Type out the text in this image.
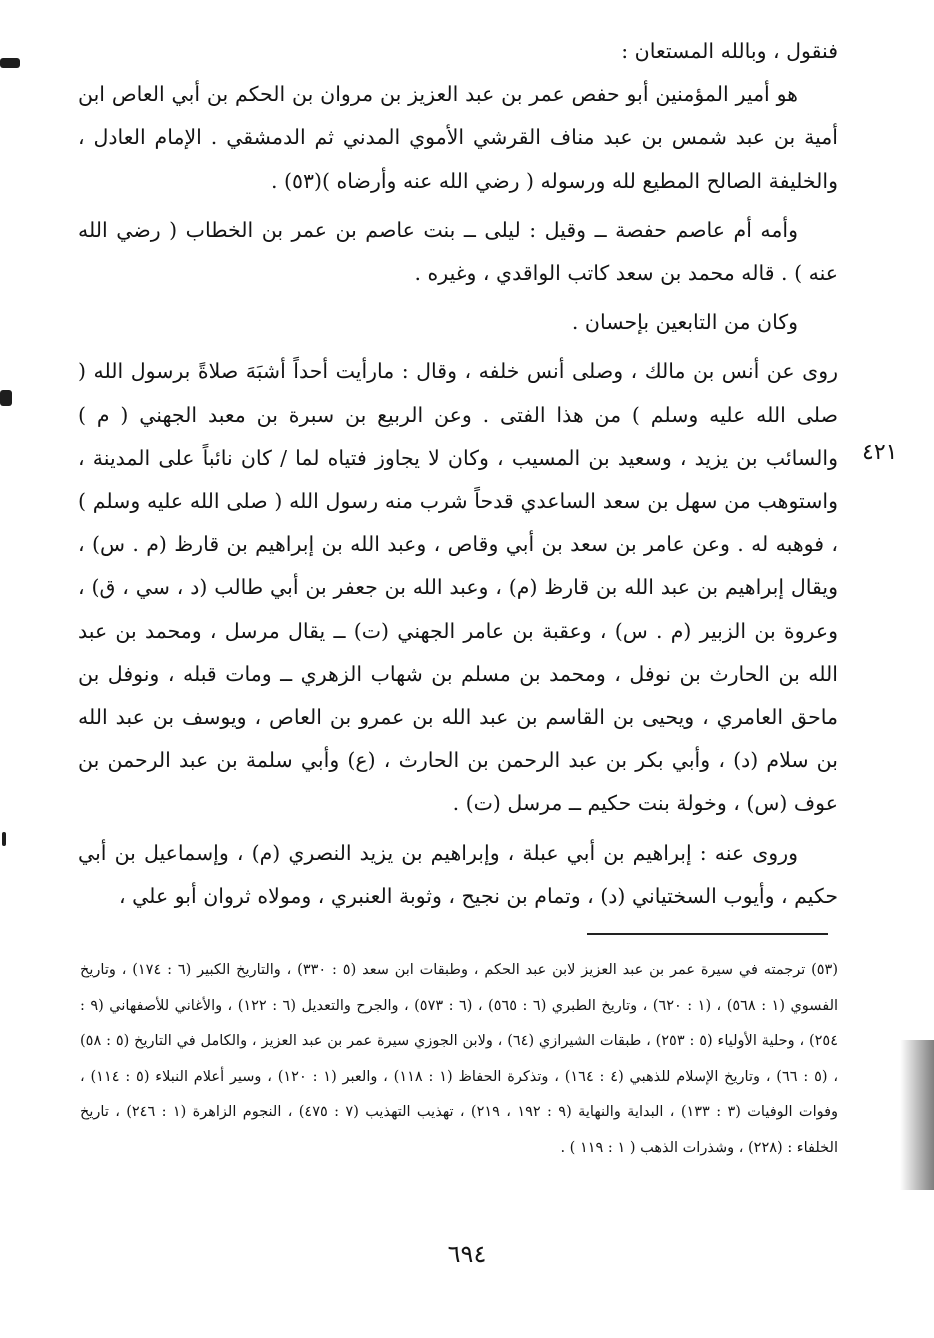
٤٢١

فنقول ، وبالله المستعان :

هو أمير المؤمنين أبو حفص عمر بن عبد العزيز بن مروان بن الحكم بن أبي العاص ابن أمية بن عبد شمس بن عبد مناف القرشي الأموي المدني ثم الدمشقي . الإمام العادل ، والخليفة الصالح المطيع لله ورسوله ( رضي الله عنه وأرضاه )(٥٣) .

وأمه أم عاصم حفصة ــ وقيل : ليلى ــ بنت عاصم بن عمر بن الخطاب ( رضي الله عنه ) . قاله محمد بن سعد كاتب الواقدي ، وغيره .

وكان من التابعين بإحسان .

روى عن أنس بن مالك ، وصلى أنس خلفه ، وقال : مارأيت أحداً أشبَهَ صلاةً برسول الله ( صلى الله عليه وسلم ) من هذا الفتى . وعن الربيع بن سبرة بن معبد الجهني ( م ) والسائب بن يزيد ، وسعيد بن المسيب ، وكان لا يجاوز فتياه لما / كان نائباً على المدينة ، واستوهب من سهل بن سعد الساعدي قدحاً شرب منه رسول الله ( صلى الله عليه وسلم ) ، فوهبه له . وعن عامر بن سعد بن أبي وقاص ، وعبد الله بن إبراهيم بن قارظ (م . س) ، ويقال إبراهيم بن عبد الله بن قارظ (م) ، وعبد الله بن جعفر بن أبي طالب (د ، سي ، ق) ، وعروة بن الزبير (م . س) ، وعقبة بن عامر الجهني (ت) ــ يقال مرسل ، ومحمد بن عبد الله بن الحارث بن نوفل ، ومحمد بن مسلم بن شهاب الزهري ــ ومات قبله ، ونوفل بن ماحق العامري ، ويحيى بن القاسم بن عبد الله بن عمرو بن العاص ، ويوسف بن عبد الله بن سلام (د) ، وأبي بكر بن عبد الرحمن بن الحارث ، (ع) وأبي سلمة بن عبد الرحمن بن عوف (س) ، وخولة بنت حكيم ــ مرسل (ت) .

وروى عنه : إبراهيم بن أبي عبلة ، وإبراهيم بن يزيد النصري (م) ، وإسماعيل بن أبي حكيم ، وأيوب السختياني (د) ، وتمام بن نجيح ، وثوبة العنبري ، ومولاه ثروان أبو علي ،

(٥٣) ترجمته في سيرة عمر بن عبد العزيز لابن عبد الحكم ، وطبقات ابن سعد (٥ : ٣٣٠) ، والتاريخ الكبير (٦ : ١٧٤) ، وتاريخ الفسوي (١ : ٥٦٨) ، (١ : ٦٢٠) ، وتاريخ الطبري (٦ : ٥٦٥) ، (٦ : ٥٧٣) ، والجرح والتعديل (٦ : ١٢٢) ، والأغاني للأصفهاني (٩ : ٢٥٤) ، وحلية الأولياء (٥ : ٢٥٣) ، طبقات الشيرازي (٦٤) ، ولابن الجوزي سيرة عمر بن عبد العزيز ، والكامل في التاريخ (٥ : ٥٨) ، (٥ : ٦٦) ، وتاريخ الإسلام للذهبي (٤ : ١٦٤) ، وتذكرة الحفاظ (١ : ١١٨) ، والعبر (١ : ١٢٠) ، وسير أعلام النبلاء (٥ : ١١٤) ، وفوات الوفيات (٣ : ١٣٣) ، البداية والنهاية (٩ : ١٩٢ ، ٢١٩) ، تهذيب التهذيب (٧ : ٤٧٥) ، النجوم الزاهرة (١ : ٢٤٦) ، تاريخ الخلفاء : (٢٢٨) ، وشذرات الذهب ( ١ : ١١٩ ) .

٦٩٤
